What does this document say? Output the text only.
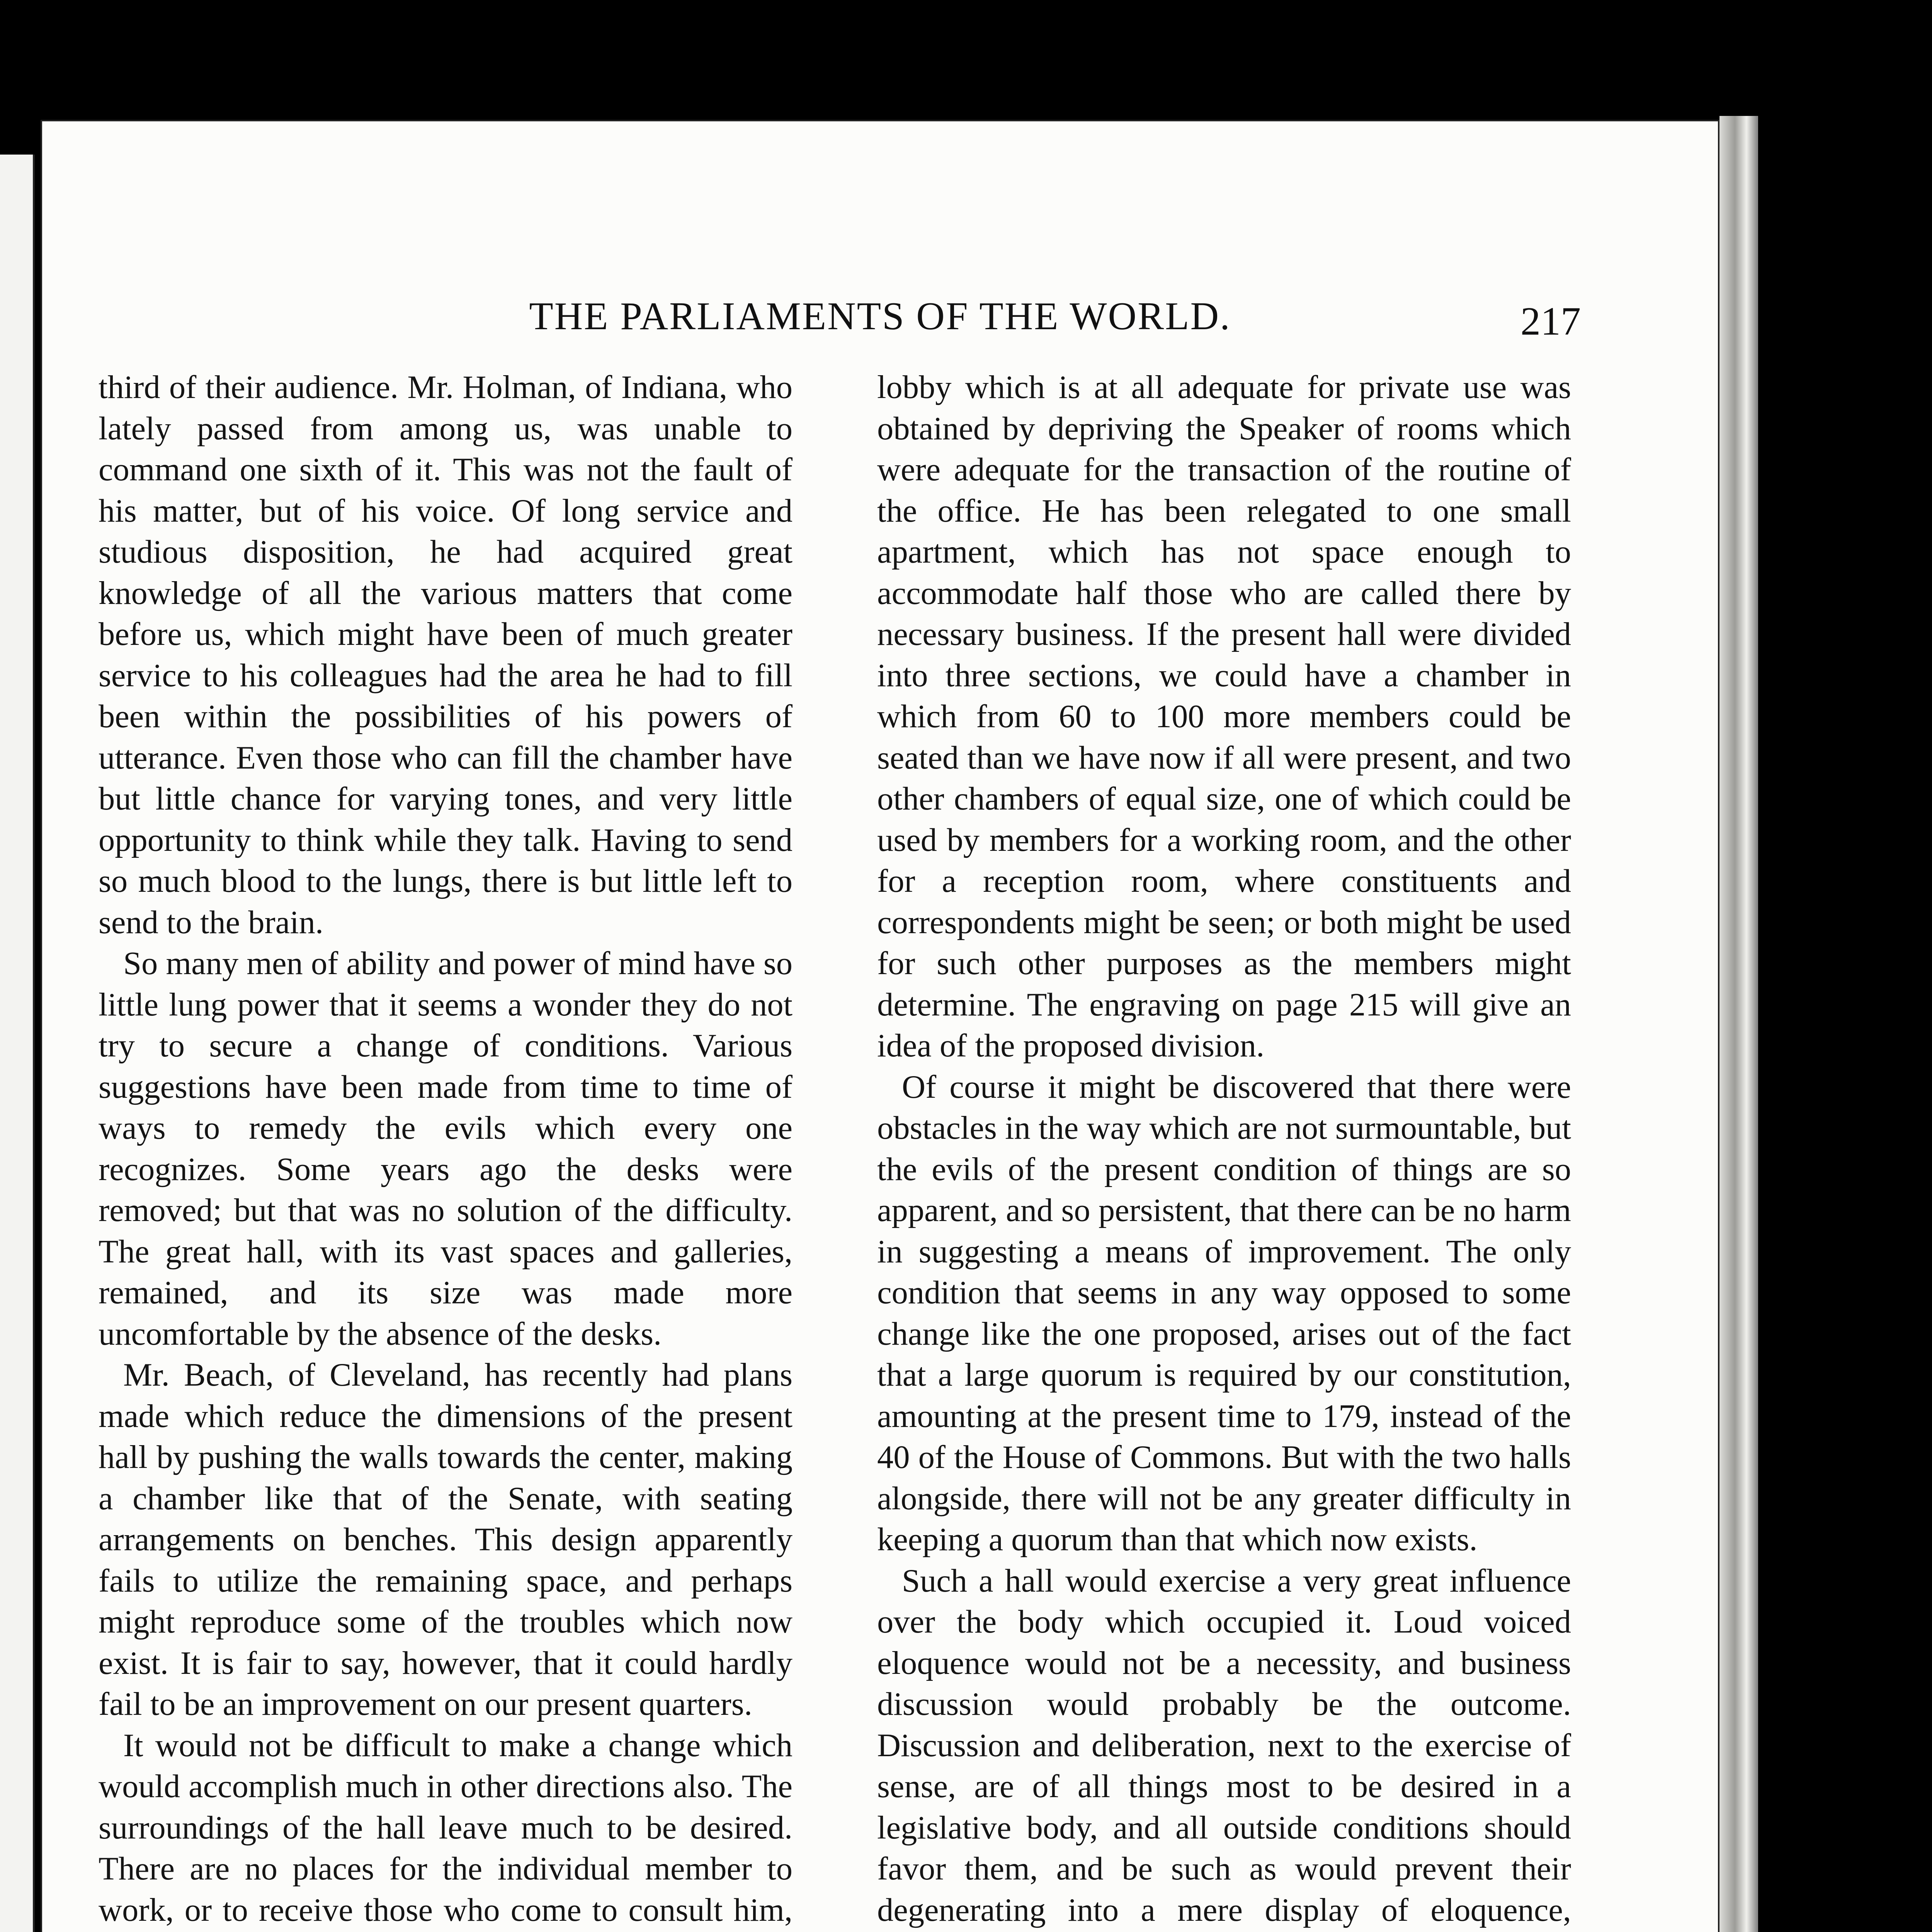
THE PARLIAMENTS OF THE WORLD.	217

third of their audience. Mr. Holman, of Indiana, who lately passed from among us, was unable to command one sixth of it. This was not the fault of his matter, but of his voice. Of long service and studious disposition, he had acquired great knowledge of all the various matters that come before us, which might have been of much greater service to his colleagues had the area he had to fill been within the possibilities of his powers of utterance. Even those who can fill the chamber have but little chance for varying tones, and very little opportunity to think while they talk. Having to send so much blood to the lungs, there is but little left to send to the brain.

So many men of ability and power of mind have so little lung power that it seems a wonder they do not try to secure a change of conditions. Various suggestions have been made from time to time of ways to remedy the evils which every one recognizes. Some years ago the desks were removed; but that was no solution of the difficulty. The great hall, with its vast spaces and galleries, remained, and its size was made more uncomfortable by the absence of the desks.

Mr. Beach, of Cleveland, has recently had plans made which reduce the dimensions of the present hall by pushing the walls towards the center, making a chamber like that of the Senate, with seating arrangements on benches. This design apparently fails to utilize the remaining space, and perhaps might reproduce some of the troubles which now exist. It is fair to say, however, that it could hardly fail to be an improvement on our present quarters.

It would not be difficult to make a change which would accomplish much in other directions also. The surroundings of the hall leave much to be desired. There are no places for the individual member to work, or to receive those who come to consult him,

lobby which is at all adequate for private use was obtained by depriving the Speaker of rooms which were adequate for the transaction of the routine of the office. He has been relegated to one small apartment, which has not space enough to accommodate half those who are called there by necessary business. If the present hall were divided into three sections, we could have a chamber in which from 60 to 100 more members could be seated than we have now if all were present, and two other chambers of equal size, one of which could be used by members for a working room, and the other for a reception room, where constituents and correspondents might be seen; or both might be used for such other purposes as the members might determine. The engraving on page 215 will give an idea of the proposed division.

Of course it might be discovered that there were obstacles in the way which are not surmountable, but the evils of the present condition of things are so apparent, and so persistent, that there can be no harm in suggesting a means of improvement. The only condition that seems in any way opposed to some change like the one proposed, arises out of the fact that a large quorum is required by our constitution, amounting at the present time to 179, instead of the 40 of the House of Commons. But with the two halls alongside, there will not be any greater difficulty in keeping a quorum than that which now exists.

Such a hall would exercise a very great influence over the body which occupied it. Loud voiced eloquence would not be a necessity, and business discussion would probably be the outcome. Discussion and deliberation, next to the exercise of sense, are of all things most to be desired in a legislative body, and all outside conditions should favor them, and be such as would prevent their degenerating into a mere display of eloquence,
